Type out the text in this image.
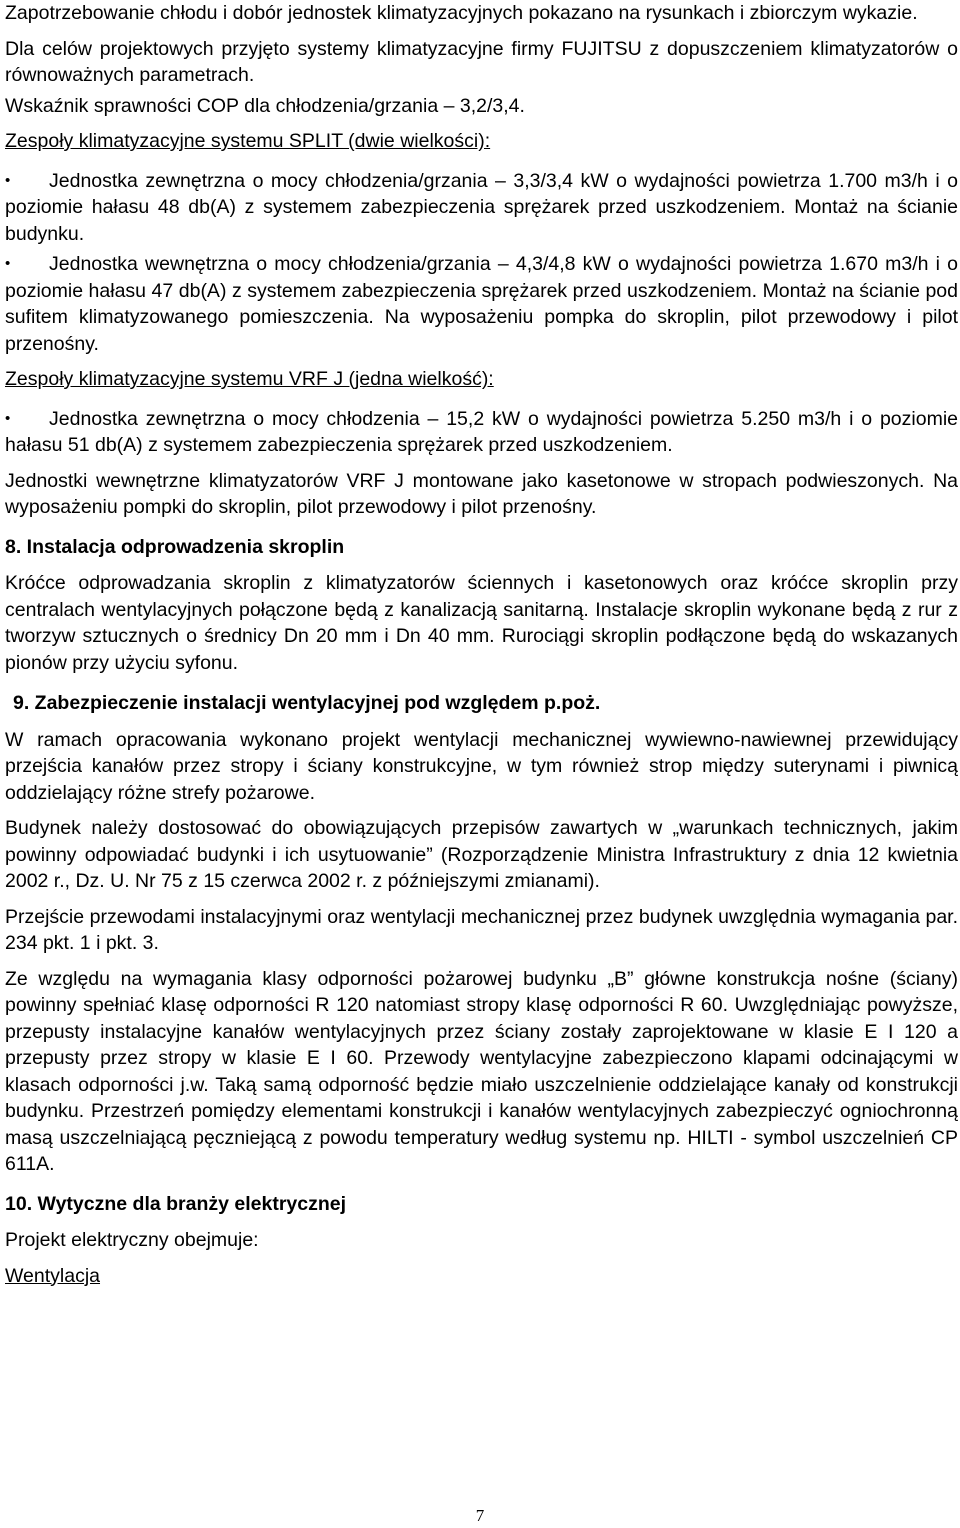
Zapotrzebowanie chłodu i dobór jednostek klimatyzacyjnych pokazano na rysunkach i zbiorczym wykazie.

Dla celów projektowych przyjęto systemy klimatyzacyjne firmy FUJITSU z dopuszczeniem klimatyzatorów o równoważnych parametrach.

Wskaźnik sprawności COP dla chłodzenia/grzania – 3,2/3,4.

Zespoły klimatyzacyjne systemu SPLIT (dwie wielkości):

• Jednostka zewnętrzna o mocy chłodzenia/grzania – 3,3/3,4 kW o wydajności powietrza 1.700 m3/h i o poziomie hałasu 48 db(A) z systemem zabezpieczenia sprężarek przed uszkodzeniem. Montaż na ścianie budynku.

• Jednostka wewnętrzna o mocy chłodzenia/grzania – 4,3/4,8 kW o wydajności powietrza 1.670 m3/h i o poziomie hałasu 47 db(A) z systemem zabezpieczenia sprężarek przed uszkodzeniem. Montaż na ścianie pod sufitem klimatyzowanego pomieszczenia. Na wyposażeniu pompka do skroplin, pilot przewodowy i pilot przenośny.

Zespoły klimatyzacyjne systemu VRF J (jedna wielkość):

• Jednostka zewnętrzna o mocy chłodzenia – 15,2 kW o wydajności powietrza 5.250 m3/h i o poziomie hałasu 51 db(A) z systemem zabezpieczenia sprężarek przed uszkodzeniem.

Jednostki wewnętrzne klimatyzatorów VRF J montowane jako kasetonowe w stropach podwieszonych. Na wyposażeniu pompki do skroplin, pilot przewodowy i pilot przenośny.

8. Instalacja odprowadzenia skroplin

Króćce odprowadzania skroplin z klimatyzatorów ściennych i kasetonowych oraz króćce skroplin przy centralach wentylacyjnych połączone będą z kanalizacją sanitarną. Instalacje skroplin wykonane będą z rur z tworzyw sztucznych o średnicy Dn 20 mm i Dn 40 mm. Rurociągi skroplin podłączone będą do wskazanych pionów przy użyciu syfonu.

9. Zabezpieczenie instalacji wentylacyjnej pod względem p.poż.

W ramach opracowania wykonano projekt wentylacji mechanicznej wywiewno-nawiewnej przewidujący przejścia kanałów przez stropy i ściany konstrukcyjne, w tym również strop między suterynami i piwnicą oddzielający różne strefy pożarowe.

Budynek należy dostosować do obowiązujących przepisów zawartych w „warunkach technicznych, jakim powinny odpowiadać budynki i ich usytuowanie” (Rozporządzenie Ministra Infrastruktury z dnia 12 kwietnia 2002 r., Dz. U. Nr 75 z 15 czerwca 2002 r. z późniejszymi zmianami).

Przejście przewodami instalacyjnymi oraz wentylacji mechanicznej przez budynek uwzględnia wymagania par. 234 pkt. 1 i pkt. 3.

Ze względu na wymagania klasy odporności pożarowej budynku „B” główne konstrukcja nośne (ściany) powinny spełniać klasę odporności R 120 natomiast stropy klasę odporności R 60. Uwzględniając powyższe, przepusty instalacyjne kanałów wentylacyjnych przez ściany zostały zaprojektowane w klasie E I 120 a przepusty przez stropy w klasie E I 60. Przewody wentylacyjne zabezpieczono klapami odcinającymi w klasach odporności j.w. Taką samą odporność będzie miało uszczelnienie oddzielające kanały od konstrukcji budynku. Przestrzeń pomiędzy elementami konstrukcji i kanałów wentylacyjnych zabezpieczyć ogniochronną masą uszczelniającą pęczniejącą z powodu temperatury według systemu np. HILTI - symbol uszczelnień CP 611A.

10. Wytyczne dla branży elektrycznej

Projekt elektryczny obejmuje:

Wentylacja

7
